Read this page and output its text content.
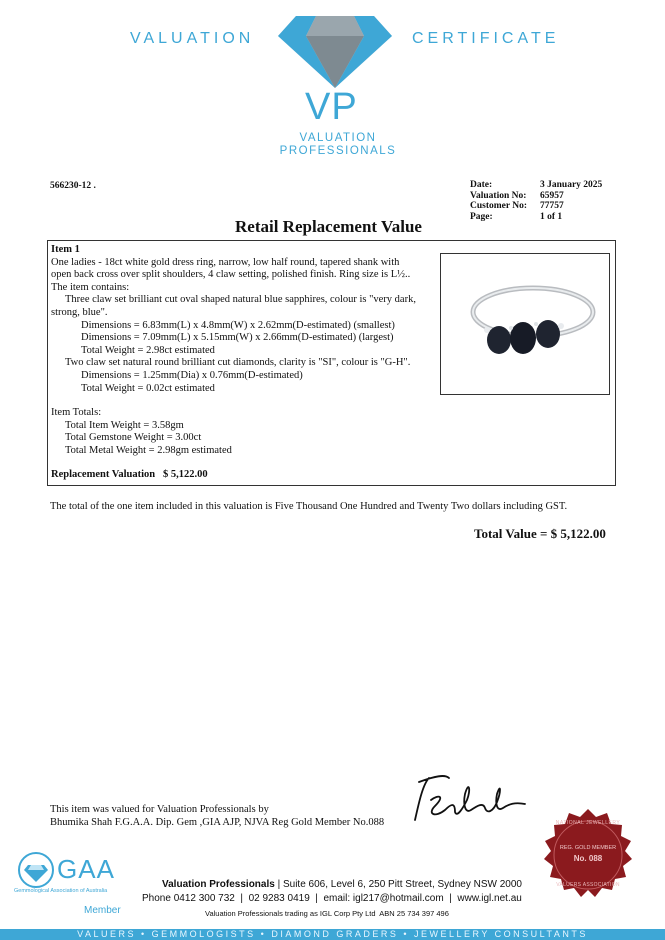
VALUATION	CERTIFICATE
VP
VALUATION
PROFESSIONALS
566230-12 .	Date:	3 January 2025
Valuation No:	65957
Customer No:	77757
Page:	1 of 1
Retail Replacement Value
Item 1
One ladies - 18ct white gold dress ring, narrow, low half round, tapered shank with
open back cross over split shoulders, 4 claw setting, polished finish. Ring size is L½..
The item contains:
Three claw set brilliant cut oval shaped natural blue sapphires, colour is "very dark,
strong, blue".
Dimensions = 6.83mm(L) x 4.8mm(W) x 2.62mm(D-estimated) (smallest)
Dimensions = 7.09mm(L) x 5.15mm(W) x 2.66mm(D-estimated) (largest)
Total Weight = 2.98ct estimated
Two claw set natural round brilliant cut diamonds, clarity is "SI", colour is "G-H".
Dimensions = 1.25mm(Dia) x 0.76mm(D-estimated)
Total Weight = 0.02ct estimated
Item Totals:
Total Item Weight = 3.58gm
Total Gemstone Weight = 3.00ct
Total Metal Weight = 2.98gm estimated
Replacement Valuation   $ 5,122.00
The total of the one item included in this valuation is Five Thousand One Hundred and Twenty Two dollars including GST.
Total Value = $ 5,122.00
This item was valued for Valuation Professionals by
Bhumika Shah F.G.A.A. Dip. Gem ,GIA AJP, NJVA Reg Gold Member No.088	NATIONAL JEWELLERY
REG. GOLD MEMBER
No. 088
VALUERS ASSOCIATION
GAA
Gemmological Association of Australia
Member
Valuation Professionals | Suite 606, Level 6, 250 Pitt Street, Sydney NSW 2000
Phone 0412 300 732  |  02 9283 0419  |  email: igl217@hotmail.com  |  www.igl.net.au
Valuation Professionals trading as IGL Corp Pty Ltd  ABN 25 734 397 496
VALUERS • GEMMOLOGISTS • DIAMOND GRADERS • JEWELLERY CONSULTANTS
